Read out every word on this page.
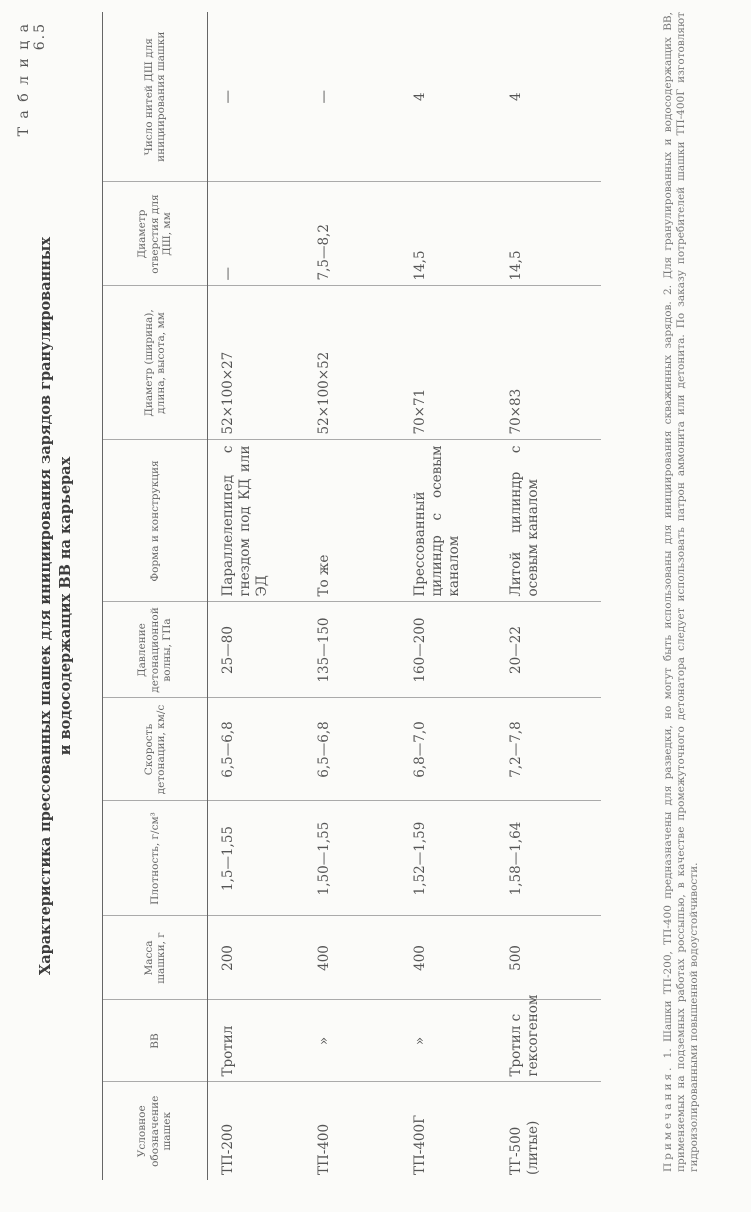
Т а б л и ц а 6.5
Характеристика прессованных шашек для инициирования зарядов гранулированных и водосодержащих ВВ на карьерах
Условное обозначение шашек	ВВ	Масса шашки, г	Плотность, г/см³	Скорость детонации, км/с	Давление детонационной волны, ГПа	Форма и конструкция	Диаметр (ширина), длина, высота, мм	Диаметр отверстия для ДШ, мм	Число нитей ДШ для инициирования шашки
ТП-200	Тротил	200	1,5—1,55	6,5—6,8	25—80	Параллелепипед с гнездом под КД или ЭД	52×100×27	—	—
ТП-400	»	400	1,50—1,55	6,5—6,8	135—150	То же	52×100×52	7,5—8,2	—
ТП-400Г	»	400	1,52—1,59	6,8—7,0	160—200	Прессованный цилиндр с осевым каналом	70×71	14,5	4
ТГ-500 (литые)	Тротил с гексогеном	500	1,58—1,64	7,2—7,8	20—22	Литой цилиндр с осевым каналом	70×83	14,5	4
Примечания. 1. Шашки ТП-200, ТП-400 предназначены для разведки, но могут быть использованы для инициирования скважинных зарядов. 2. Для гранулированных и водосодержащих ВВ, применяемых на подземных работах россыпью, в качестве промежуточного детонатора следует использовать патрон аммонита или детонита. По заказу потребителей шашки ТП-400Г изготовляют гидроизолированными повышенной водоустойчивости.
